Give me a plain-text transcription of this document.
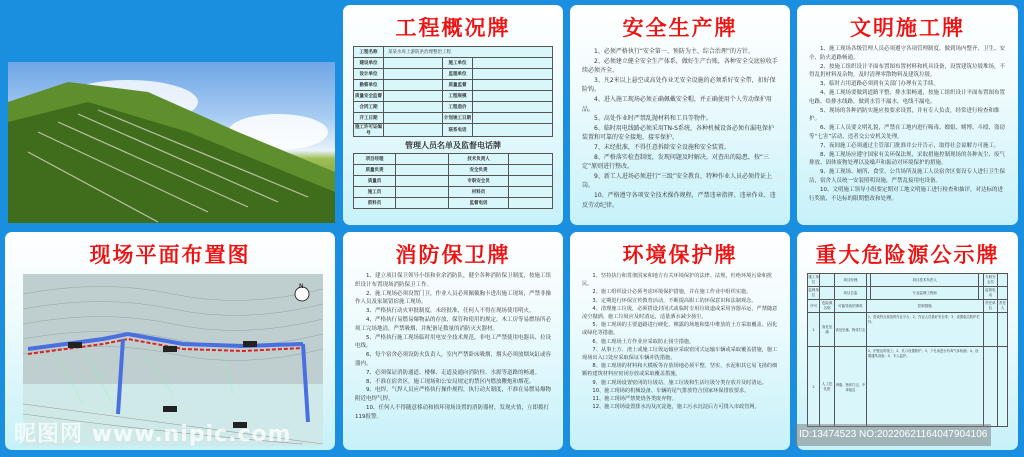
现场平面布置图
N
昵图网 www.nipic.com
工程概况牌
工程名称	某某水库上游防洪治理整治工程		
建设单位		施工单位	
设计单位		监理单位	
勘察单位		质量监督	
质量安全监督		工程规模	
合同工期		工程造价	
开工日期		计划竣工日期	
施工许可证编号		联系电话	
管理人员名单及监督电话牌
项目经理		技术负责人	
质量负责		安全负责	
质量员		专职安全员	
施工员		材料员	
资料员		监督电话	
安全生产牌

1、必须严格执行“安全第一、预防为主、综合治理”的方针。

2、必须建立健全安全生产体系，做好生产台账，各种安全交底验收手续必须齐全。

3、凡2米以上悬空或高处作业无安全设施的必须系好安全带，扣好保险钩。

4、进入施工现场必须正确佩戴安全帽，并正确使用个人劳动保护用品。

5、高处作业时严禁乱抛材料和工具等物件。

6、临时用电线路必须采用TN-S系统，各种机械设备必须有漏电保护装置和可靠的安全接地、接零保护。

7、未经批准，不得任意拆除安全设施和安全装置。

8、严格落实检查制度，发现问题及时解决。对查出的隐患，按“三定”原则进行整改。

9、新工人进场必须进行“三级”安全教育，特种作业人员必须持证上岗。

10、严格遵守各项安全技术操作规程，严禁违章指挥、违章作业、违反劳动纪律。

文明施工牌

1、施工现场各级管理人员必须遵守各项管理制度，做到场内整齐、卫生、安全、防火道路畅通。

2、按施工组织设计平面布置图布置材料和机具设备，设置建筑垃圾堆场，不得乱扔材料及杂物，及时清理零散物料及建筑垃圾。

3、临时占用道路必须到有关部门办理有关手续。

4、施工现场要做到道路平整、排水渠畅通，按施工组织设计平面布置图布置电路、给排水线路，做到水管不漏水，电线不漏电。

5、现场的各种消防实施应按要求设置，并有专人负责，经常进行检查和维护。

6、施工人员要文明礼貌，严禁在工地内进行吸毒、嫖娼、赌博、斗殴、盗窃等“七害”活动，违者交公安机关处理。

7、夜间施工必须通过主管部门批准并公开告示，取得社会谅解方可施工。

8、施工现场应遵守国家有关环保法规，采取措施控制现场的各种灰尘、废气排放、固体废物处理以及噪声和振动对环境保护的措施。

9、施工现场、厕所、食堂、公共场所及施工人员宿舍区要设专人进行卫生保洁，宿舍人员统一安装照明设施，严禁乱接用电设备。

10、文明施工领导小组要定期对工地文明施工进行检查和抽评，对达标的进行奖励，不达标的限期整改和处理。

消防保卫牌

1、建立项目保卫领导小组和业余消防队，健全各种消防保卫制度，按施工组织设计布置现场消防保卫工作。

2、施工现场必须设置门卫，作业人员必须佩戴胸卡进出施工现场，严禁非操作人员及家属留宿施工现场。

3、严格执行动火审批制度，未经批准，任何人不得在现场使用明火。

4、严格执行易燃易爆物品的存放、保管和使用的规定，木工房等易燃场所必须工完场地清，严禁吸烟，并配备足数量的消防灭火器材。

5、严格执行施工现场临时用电安全技术规范，非电工严禁使用电器具、拉设电线。

6、每个宿舍必须设防火负责人，室内严禁卧床吸烟，烟头必须放烟灰缸或容器内。

7、必须保证消防通道、楼梯、走道及通向消防栓、水源等道路的畅通。

8、不准在宿舍区，施工现场和公安局规定的禁区内燃放鞭炮和烟花。

9、电焊、气焊人员应严格执行操作规程，执行动火制度，不准在易燃易爆物附近电焊气焊。

10、任何人不得随意移动和损坏现场设置的消防器材，发现火情，立即拨打119报警。

环境保护牌

1、坚持执行和贯彻国家和地方有关环境保护的法律、法规，杜绝环境污染和扰民。

2、施工组织设计必须考虑环境保护措施，并在施工作业中组织实施。

3、定期进行环保宣传教育活动，不断提高职工的环保意识和法制观念。

4、清理施工垃圾，必须搭设封闭式或临时专用垃圾道或采用容器吊运，严禁随意凌空抛洒，施工垃圾应及时清运，适量洒水减少扬尘。

5、施工现场的主要道路进行硬化，裸露的场地和集中堆放的土方采取覆盖、固化或绿化等措施。

6、施工现场土方作业应采取防止扬尘措施。

7、从事土方、渣土或施工垃圾运输应采取密闭式运输车辆或采取覆盖措施，施工现场出入口处应采取保证车辆冲洗措施。

8、施工现场的材料和大模板等存放场地必须平整、坚实，水泥和其它易飞扬的细颗粒建筑材料应密闭存放或采取覆盖措施。

9、施工现场设置密闭的垃圾站，施工垃圾和生活垃圾分类存放并及时清运。

10、施工现场的机械设备、车辆的尾气排放符合国家环保排放要求。

11、施工现场严禁焚烧各类废弃物。

12、施工现场设置排水沟及沉淀池，施工污水沉淀后方可排入市政管网。

重大危险源公示牌
施工单位		项目经理		项目技术负责人		专职安全员	
监理单位		项目总监		专业监理工程师		监督电话	
序号	危险源名称	可能导致的事故	控制措施			责任单位	责任人
1	高处坠落	高处坠落、物体打击	1、搭设符合规范的作业平台；2、作业人员系好安全带；3、设置临边防护栏杆。				
2	人工挖孔桩	坍塌、物体打击、中毒窒息	1、护壁及时施工；2、孔口设置防护；3、下孔前进行有毒气体检测；4、设置通风设备；5、专人监护。				
ID:13474523 NO:20220621164047904106
